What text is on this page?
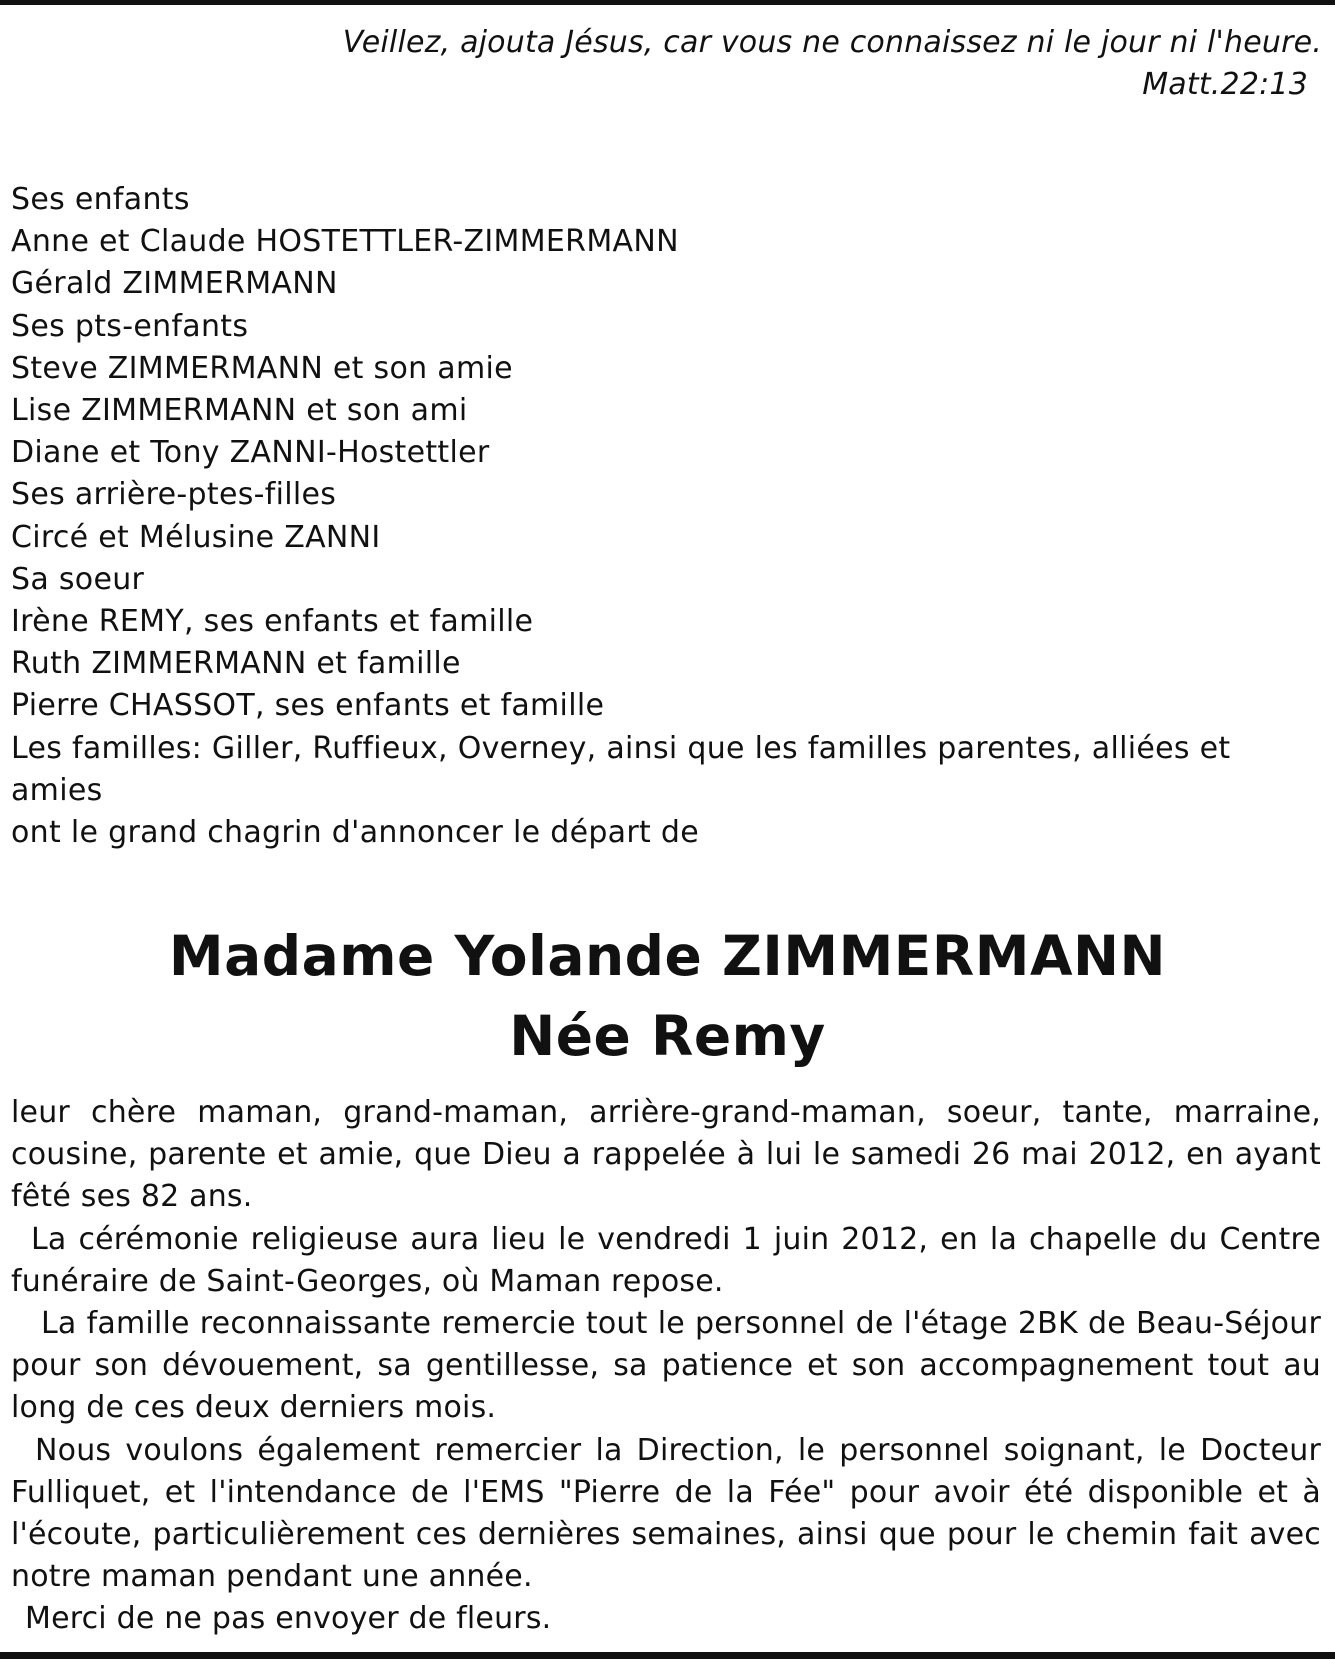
Veillez, ajouta Jésus, car vous ne connaissez ni le jour ni l'heure.
Matt.22:13
Ses enfants
Anne et Claude HOSTETTLER-ZIMMERMANN
Gérald ZIMMERMANN
Ses pts-enfants
Steve ZIMMERMANN et son amie
Lise ZIMMERMANN et son ami
Diane et Tony ZANNI-Hostettler
Ses arrière-ptes-filles
Circé et Mélusine ZANNI
Sa soeur
Irène REMY, ses enfants et famille
Ruth ZIMMERMANN et famille
Pierre CHASSOT, ses enfants et famille
Les familles: Giller, Ruffieux, Overney, ainsi que les familles parentes, alliées et amies
ont le grand chagrin d'annoncer le départ de
Madame Yolande ZIMMERMANN
Née Remy

leur chère maman, grand-maman, arrière-grand-maman, soeur, tante, marraine, cousine, parente et amie, que Dieu a rappelée à lui le samedi 26 mai 2012, en ayant fêté ses 82 ans.

La cérémonie religieuse aura lieu le vendredi 1 juin 2012, en la chapelle du Centre funéraire de Saint-Georges, où Maman repose.

La famille reconnaissante remercie tout le personnel de l'étage 2BK de Beau-Séjour pour son dévouement, sa gentillesse, sa patience et son accompagnement tout au long de ces deux derniers mois.

Nous voulons également remercier la Direction, le personnel soignant, le Docteur Fulliquet, et l'intendance de l'EMS "Pierre de la Fée" pour avoir été disponible et à l'écoute, particulièrement ces dernières semaines, ainsi que pour le chemin fait avec notre maman pendant une année.

Merci de ne pas envoyer de fleurs.
